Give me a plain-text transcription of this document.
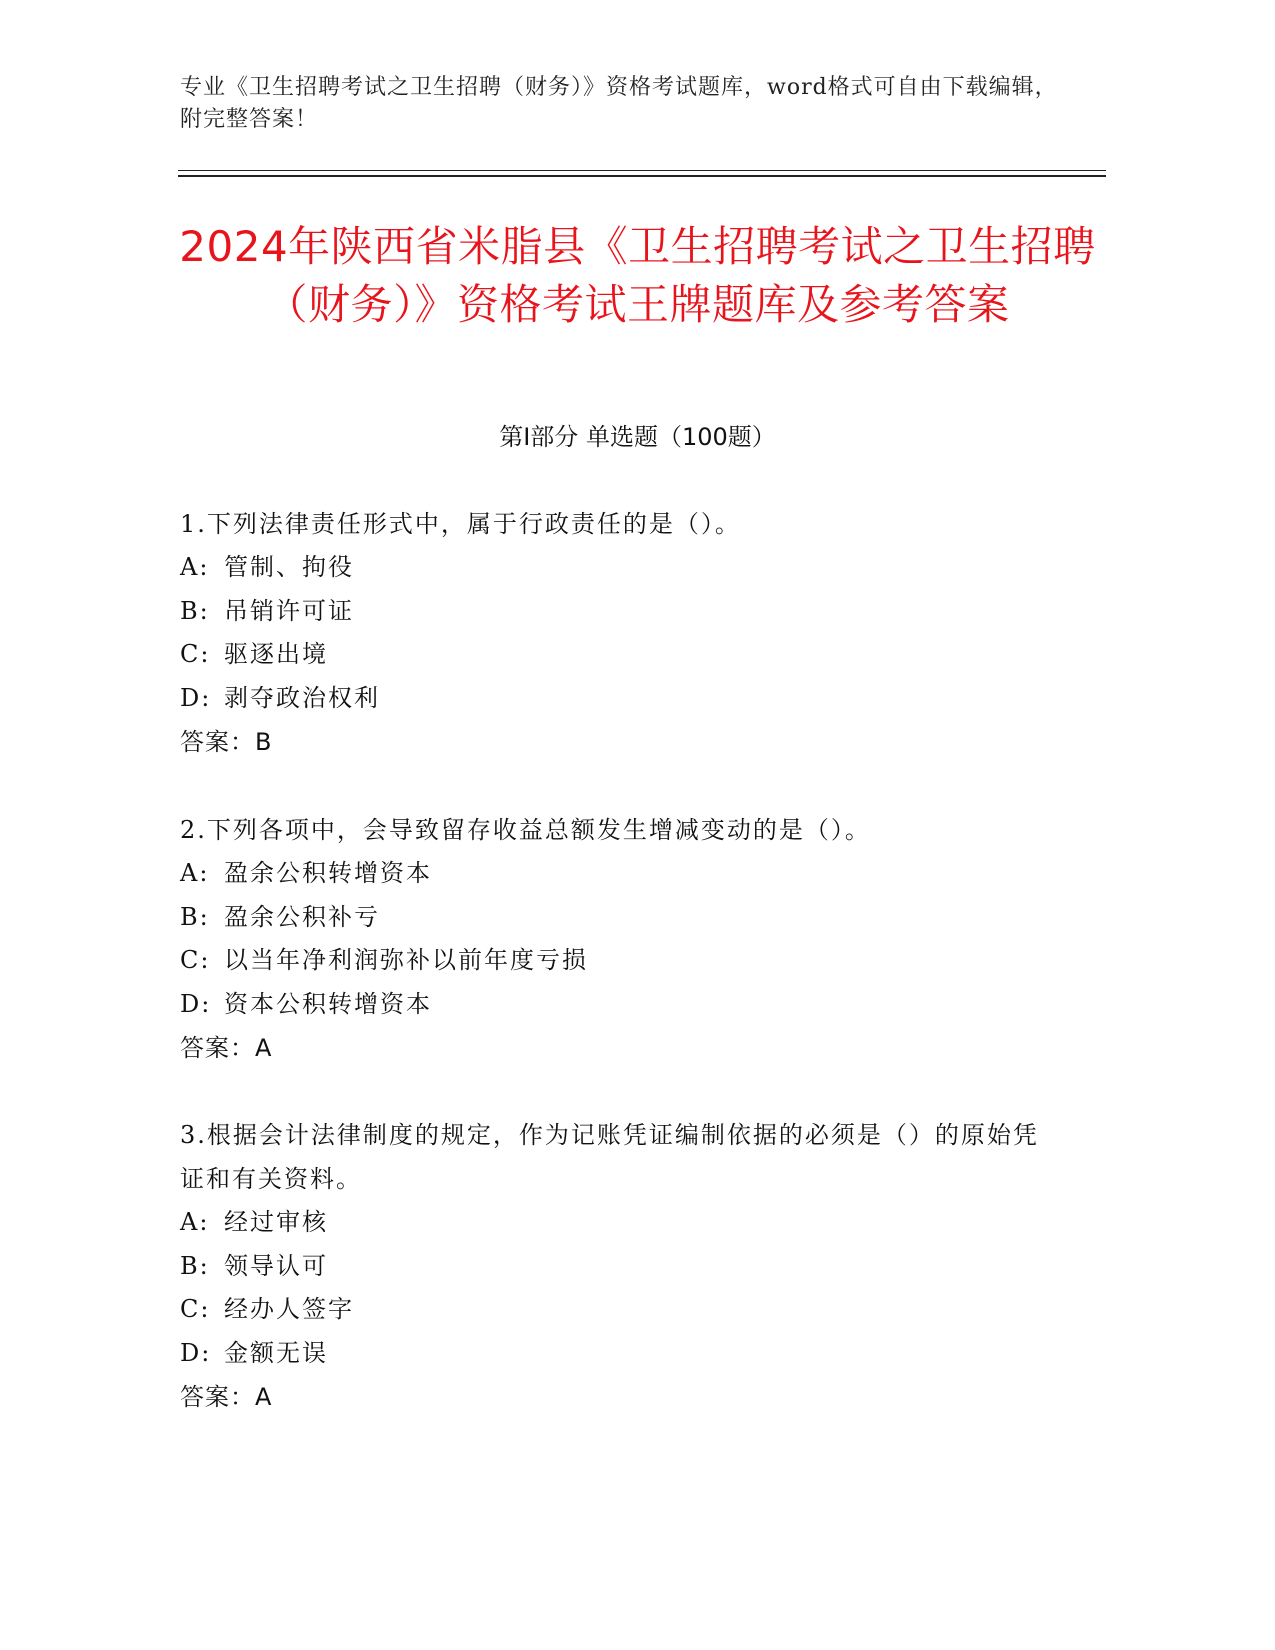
专业《卫生招聘考试之卫生招聘（财务）》资格考试题库，word格式可自由下载编辑，附完整答案！
2024年陕西省米脂县《卫生招聘考试之卫生招聘（财务）》资格考试王牌题库及参考答案
第Ⅰ部分 单选题（100题）
1.下列法律责任形式中，属于行政责任的是（）。
A: 管制、拘役
B: 吊销许可证
C: 驱逐出境
D: 剥夺政治权利
答案：B
2.下列各项中，会导致留存收益总额发生增减变动的是（）。
A: 盈余公积转增资本
B: 盈余公积补亏
C: 以当年净利润弥补以前年度亏损
D: 资本公积转增资本
答案：A
3.根据会计法律制度的规定，作为记账凭证编制依据的必须是（）的原始凭证和有关资料。
A: 经过审核
B: 领导认可
C: 经办人签字
D: 金额无误
答案：A
